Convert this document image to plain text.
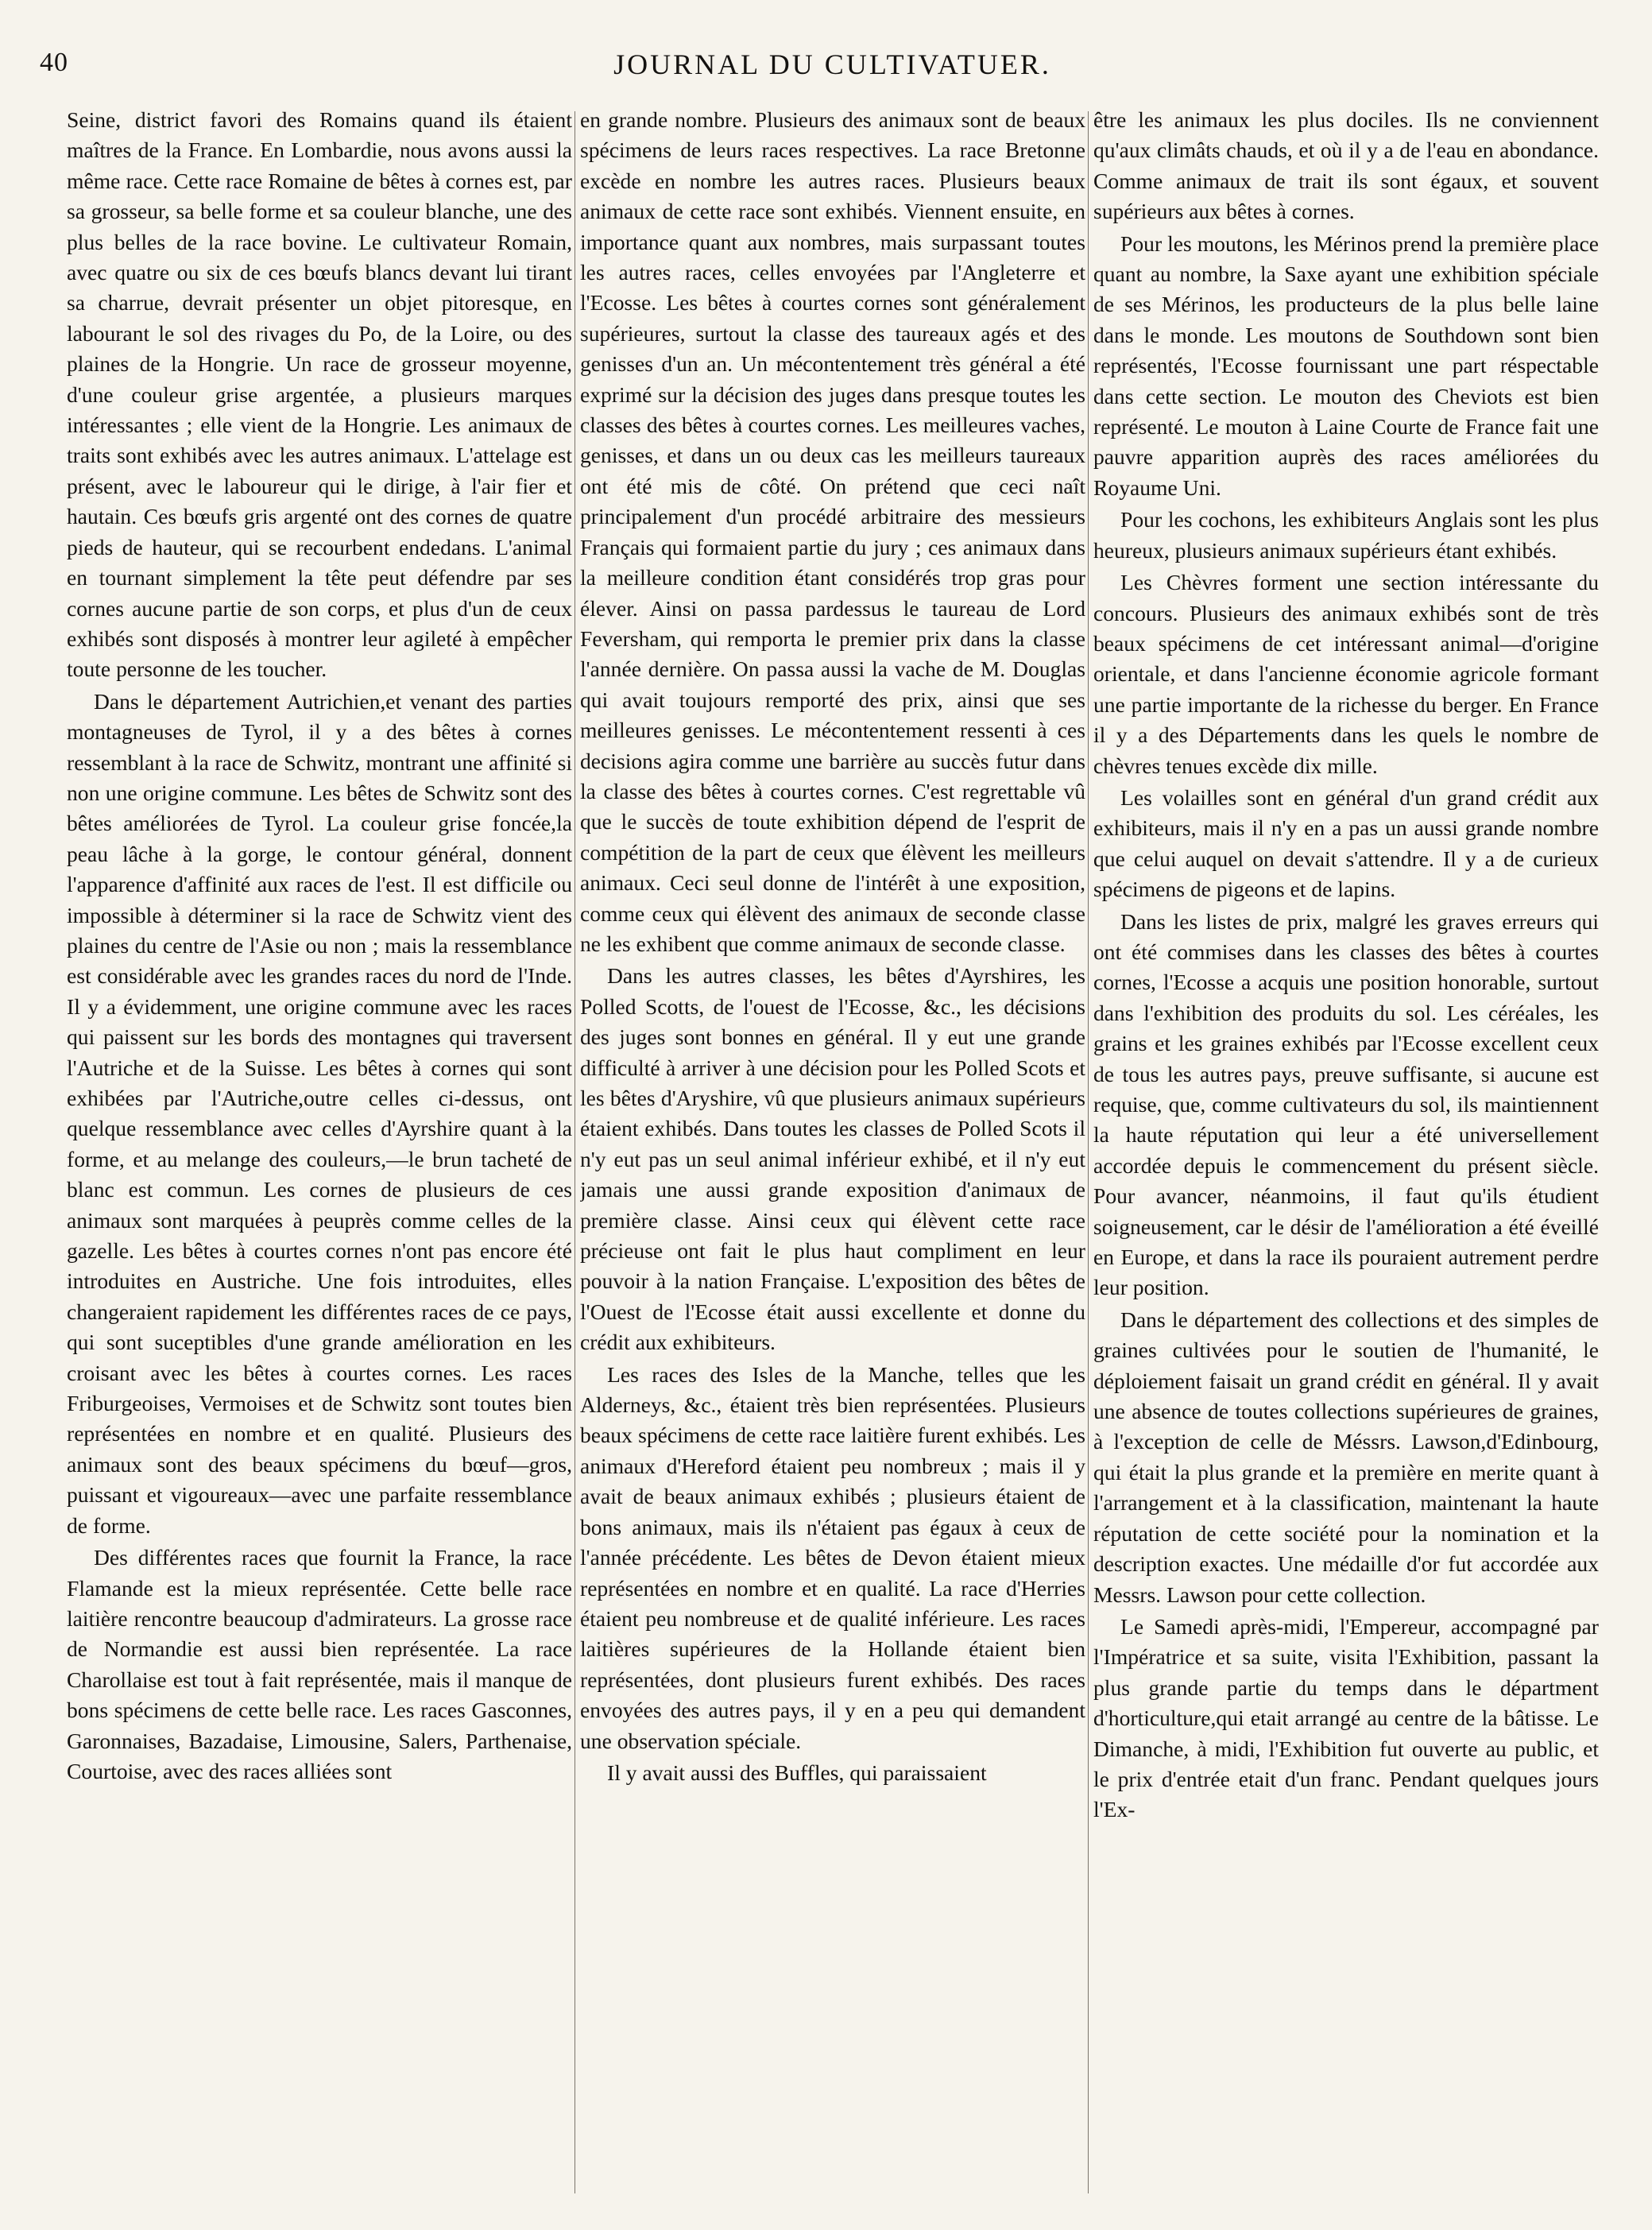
40	JOURNAL DU CULTIVATUER.

Seine, district favori des Romains quand ils étaient maîtres de la France. En Lombardie, nous avons aussi la même race. Cette race Romaine de bêtes à cornes est, par sa grosseur, sa belle forme et sa couleur blanche, une des plus belles de la race bovine. Le cultivateur Romain, avec quatre ou six de ces bœufs blancs devant lui tirant sa charrue, devrait présenter un objet pitoresque, en labourant le sol des rivages du Po, de la Loire, ou des plaines de la Hongrie. Un race de grosseur moyenne, d'une couleur grise argentée, a plusieurs marques intéressantes ; elle vient de la Hongrie. Les animaux de traits sont exhibés avec les autres animaux. L'attelage est présent, avec le laboureur qui le dirige, à l'air fier et hautain. Ces bœufs gris argenté ont des cornes de quatre pieds de hauteur, qui se recourbent endedans. L'animal en tournant simplement la tête peut défendre par ses cornes aucune partie de son corps, et plus d'un de ceux exhibés sont disposés à montrer leur agileté à empêcher toute personne de les toucher.

Dans le département Autrichien,et venant des parties montagneuses de Tyrol, il y a des bêtes à cornes ressemblant à la race de Schwitz, montrant une affinité si non une origine commune. Les bêtes de Schwitz sont des bêtes améliorées de Tyrol. La couleur grise foncée,la peau lâche à la gorge, le contour général, donnent l'apparence d'affinité aux races de l'est. Il est difficile ou impossible à déterminer si la race de Schwitz vient des plaines du centre de l'Asie ou non ; mais la ressemblance est considérable avec les grandes races du nord de l'Inde. Il y a évidemment, une origine commune avec les races qui paissent sur les bords des montagnes qui traversent l'Autriche et de la Suisse. Les bêtes à cornes qui sont exhibées par l'Autriche,outre celles ci-dessus, ont quelque ressemblance avec celles d'Ayrshire quant à la forme, et au melange des couleurs,—le brun tacheté de blanc est commun. Les cornes de plusieurs de ces animaux sont marquées à peuprès comme celles de la gazelle. Les bêtes à courtes cornes n'ont pas encore été introduites en Austriche. Une fois introduites, elles changeraient rapidement les différentes races de ce pays, qui sont suceptibles d'une grande amélioration en les croisant avec les bêtes à courtes cornes. Les races Friburgeoises, Vermoises et de Schwitz sont toutes bien représentées en nombre et en qualité. Plusieurs des animaux sont des beaux spécimens du bœuf—gros, puissant et vigoureaux—avec une parfaite ressemblance de forme.

Des différentes races que fournit la France, la race Flamande est la mieux représentée. Cette belle race laitière rencontre beaucoup d'admirateurs. La grosse race de Normandie est aussi bien représentée. La race Charollaise est tout à fait représentée, mais il manque de bons spécimens de cette belle race. Les races Gasconnes, Garonnaises, Bazadaise, Limousine, Salers, Parthenaise, Courtoise, avec des races alliées sont

en grande nombre. Plusieurs des animaux sont de beaux spécimens de leurs races respectives. La race Bretonne excède en nombre les autres races. Plusieurs beaux animaux de cette race sont exhibés. Viennent ensuite, en importance quant aux nombres, mais surpassant toutes les autres races, celles envoyées par l'Angleterre et l'Ecosse. Les bêtes à courtes cornes sont généralement supérieures, surtout la classe des taureaux agés et des genisses d'un an. Un mécontentement très général a été exprimé sur la décision des juges dans presque toutes les classes des bêtes à courtes cornes. Les meilleures vaches, genisses, et dans un ou deux cas les meilleurs taureaux ont été mis de côté. On prétend que ceci naît principalement d'un procédé arbitraire des messieurs Français qui formaient partie du jury ; ces animaux dans la meilleure condition étant considérés trop gras pour élever. Ainsi on passa pardessus le taureau de Lord Feversham, qui remporta le premier prix dans la classe l'année dernière. On passa aussi la vache de M. Douglas qui avait toujours remporté des prix, ainsi que ses meilleures genisses. Le mécontentement ressenti à ces decisions agira comme une barrière au succès futur dans la classe des bêtes à courtes cornes. C'est regrettable vû que le succès de toute exhibition dépend de l'esprit de compétition de la part de ceux que élèvent les meilleurs animaux. Ceci seul donne de l'intérêt à une exposition, comme ceux qui élèvent des animaux de seconde classe ne les exhibent que comme animaux de seconde classe.

Dans les autres classes, les bêtes d'Ayrshires, les Polled Scotts, de l'ouest de l'Ecosse, &c., les décisions des juges sont bonnes en général. Il y eut une grande difficulté à arriver à une décision pour les Polled Scots et les bêtes d'Aryshire, vû que plusieurs animaux supérieurs étaient exhibés. Dans toutes les classes de Polled Scots il n'y eut pas un seul animal inférieur exhibé, et il n'y eut jamais une aussi grande exposition d'animaux de première classe. Ainsi ceux qui élèvent cette race précieuse ont fait le plus haut compliment en leur pouvoir à la nation Française. L'exposition des bêtes de l'Ouest de l'Ecosse était aussi excellente et donne du crédit aux exhibiteurs.

Les races des Isles de la Manche, telles que les Alderneys, &c., étaient très bien représentées. Plusieurs beaux spécimens de cette race laitière furent exhibés. Les animaux d'Hereford étaient peu nombreux ; mais il y avait de beaux animaux exhibés ; plusieurs étaient de bons animaux, mais ils n'étaient pas égaux à ceux de l'année précédente. Les bêtes de Devon étaient mieux représentées en nombre et en qualité. La race d'Herries étaient peu nombreuse et de qualité inférieure. Les races laitières supérieures de la Hollande étaient bien représentées, dont plusieurs furent exhibés. Des races envoyées des autres pays, il y en a peu qui demandent une observation spéciale.

Il y avait aussi des Buffles, qui paraissaient

être les animaux les plus dociles. Ils ne conviennent qu'aux climâts chauds, et où il y a de l'eau en abondance. Comme animaux de trait ils sont égaux, et souvent supérieurs aux bêtes à cornes.

Pour les moutons, les Mérinos prend la première place quant au nombre, la Saxe ayant une exhibition spéciale de ses Mérinos, les producteurs de la plus belle laine dans le monde. Les moutons de Southdown sont bien représentés, l'Ecosse fournissant une part réspectable dans cette section. Le mouton des Cheviots est bien représenté. Le mouton à Laine Courte de France fait une pauvre apparition auprès des races améliorées du Royaume Uni.

Pour les cochons, les exhibiteurs Anglais sont les plus heureux, plusieurs animaux supérieurs étant exhibés.

Les Chèvres forment une section intéressante du concours. Plusieurs des animaux exhibés sont de très beaux spécimens de cet intéressant animal—d'origine orientale, et dans l'ancienne économie agricole formant une partie importante de la richesse du berger. En France il y a des Départements dans les quels le nombre de chèvres tenues excède dix mille.

Les volailles sont en général d'un grand crédit aux exhibiteurs, mais il n'y en a pas un aussi grande nombre que celui auquel on devait s'attendre. Il y a de curieux spécimens de pigeons et de lapins.

Dans les listes de prix, malgré les graves erreurs qui ont été commises dans les classes des bêtes à courtes cornes, l'Ecosse a acquis une position honorable, surtout dans l'exhibition des produits du sol. Les céréales, les grains et les graines exhibés par l'Ecosse excellent ceux de tous les autres pays, preuve suffisante, si aucune est requise, que, comme cultivateurs du sol, ils maintiennent la haute réputation qui leur a été universellement accordée depuis le commencement du présent siècle. Pour avancer, néanmoins, il faut qu'ils étudient soigneusement, car le désir de l'amélioration a été éveillé en Europe, et dans la race ils pouraient autrement perdre leur position.

Dans le département des collections et des simples de graines cultivées pour le soutien de l'humanité, le déploiement faisait un grand crédit en général. Il y avait une absence de toutes collections supérieures de graines, à l'exception de celle de Méssrs. Lawson,d'Edinbourg, qui était la plus grande et la première en merite quant à l'arrangement et à la classification, maintenant la haute réputation de cette société pour la nomination et la description exactes. Une médaille d'or fut accordée aux Messrs. Lawson pour cette collection.

Le Samedi après-midi, l'Empereur, accompagné par l'Impératrice et sa suite, visita l'Exhibition, passant la plus grande partie du temps dans le départment d'horticulture,qui etait arrangé au centre de la bâtisse. Le Dimanche, à midi, l'Exhibition fut ouverte au public, et le prix d'entrée etait d'un franc. Pendant quelques jours l'Ex-
